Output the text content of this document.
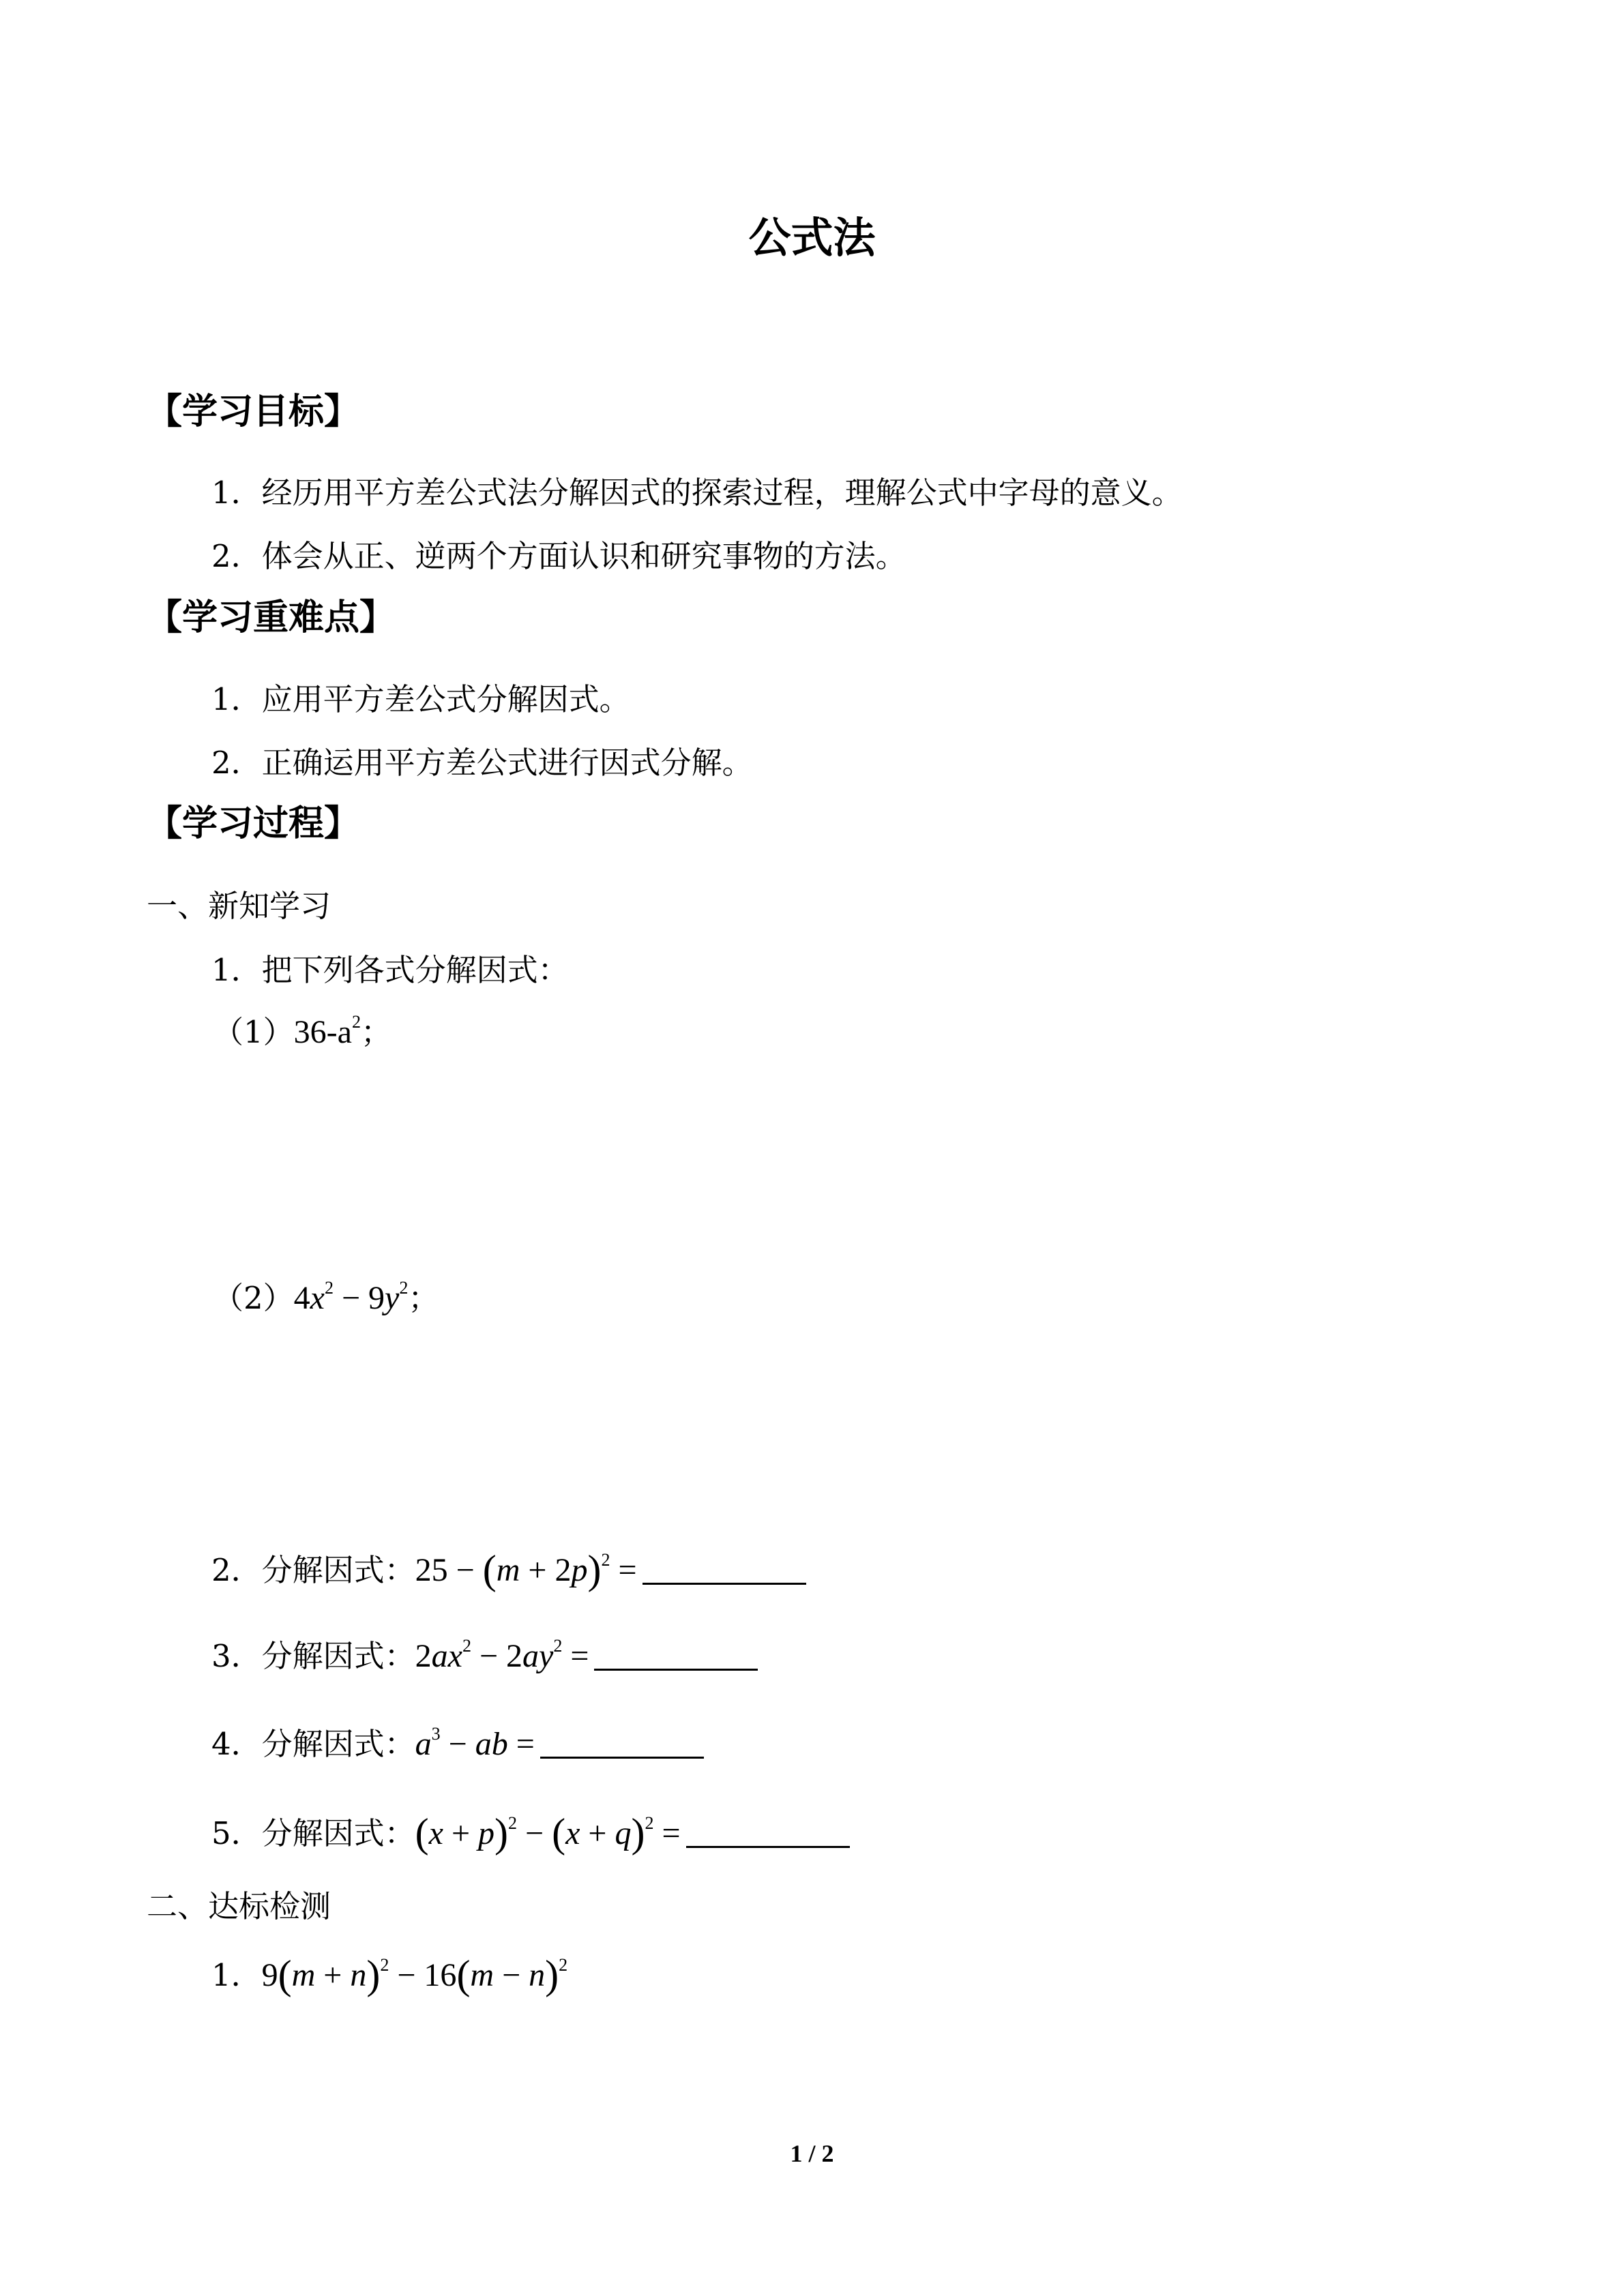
公式法
【学习目标】
1．经历用平方差公式法分解因式的探索过程，理解公式中字母的意义。
2．体会从正、逆两个方面认识和研究事物的方法。
【学习重难点】
1．应用平方差公式分解因式。
2．正确运用平方差公式进行因式分解。
【学习过程】
一、新知学习
1．把下列各式分解因式：
$(1)36-a^2$；
$(2)4x^2 - 9y^2$；
2．分解因式：$25 - (m + 2p)^2$ =
3．分解因式：$2ax^2 - 2ay^2$ =
4．分解因式：$a^3$ − ab =
5．分解因式：$(x + p)^2 - (x + q)^2$ =
二、达标检测
1．$9(m + n)^2 - 16(m - n)^2$
1 / 2
